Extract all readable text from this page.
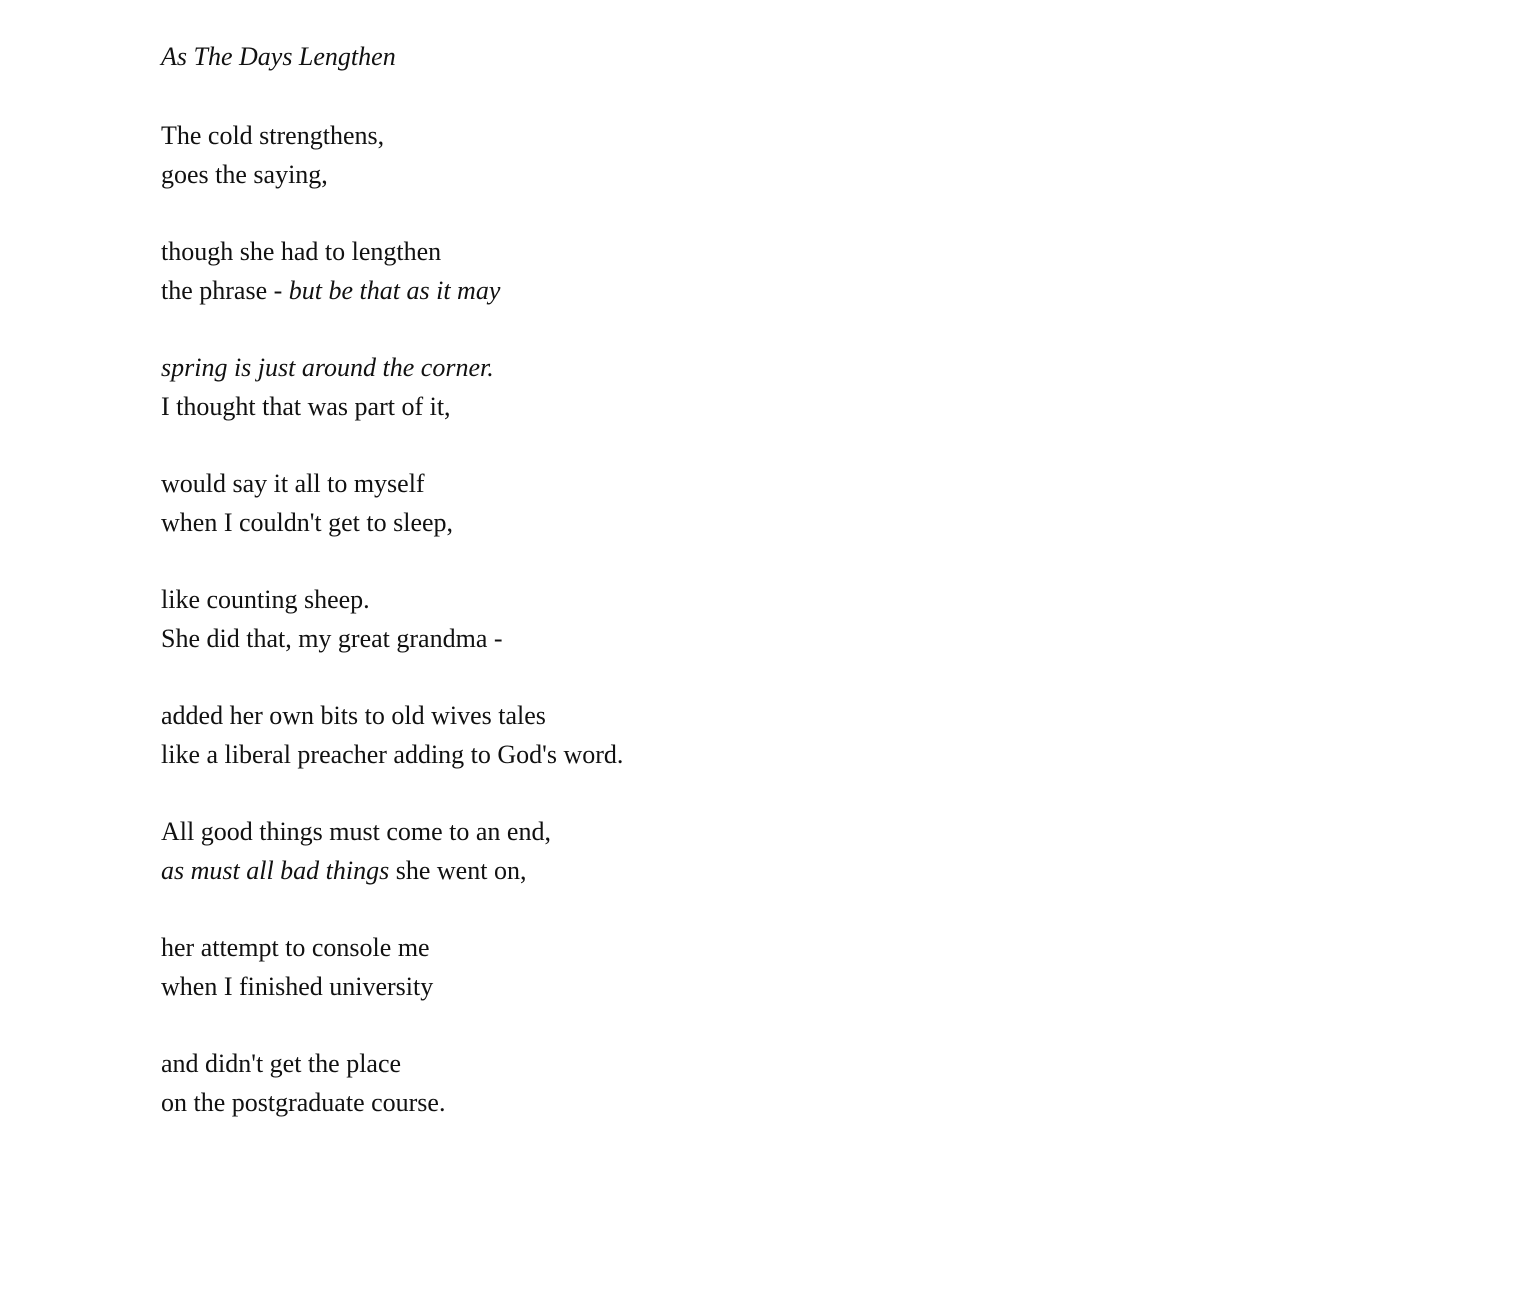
As The Days Lengthen
The cold strengthens,
goes the saying,
though she had to lengthen
the phrase - but be that as it may
spring is just around the corner.
I thought that was part of it,
would say it all to myself
when I couldn't get to sleep,
like counting sheep.
She did that, my great grandma -
added her own bits to old wives tales
like a liberal preacher adding to God's word.
All good things must come to an end,
as must all bad things she went on,
her attempt to console me
when I finished university
and didn't get the place
on the postgraduate course.
